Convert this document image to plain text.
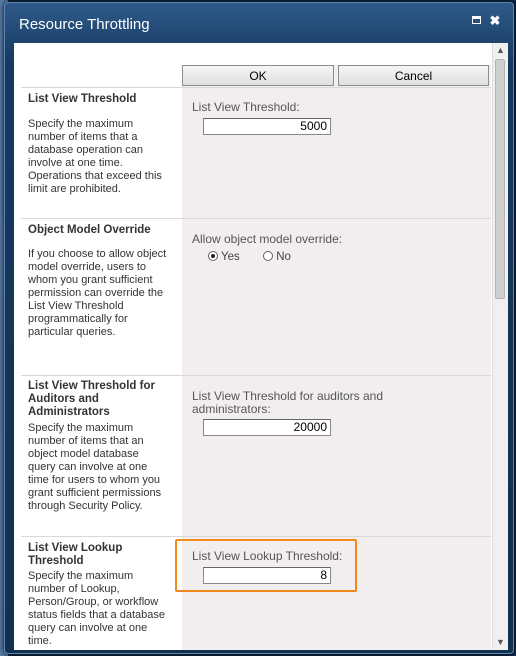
Resource Throttling	✖
OK	Cancel
List View Threshold
Specify the maximum number of items that a database operation can involve at one time. Operations that exceed this limit are prohibited.
List View Threshold:
5000
Object Model Override
If you choose to allow object model override, users to whom you grant sufficient permission can override the List View Threshold programmatically for particular queries.
Allow object model override:
Yes	No
List View Threshold for Auditors and Administrators
Specify the maximum number of items that an object model database query can involve at one time for users to whom you grant sufficient permissions through Security Policy.
List View Threshold for auditors and administrators:
20000
List View Lookup Threshold
Specify the maximum number of Lookup, Person/Group, or workflow status fields that a database query can involve at one time.
List View Lookup Threshold:
8
▲
▼
